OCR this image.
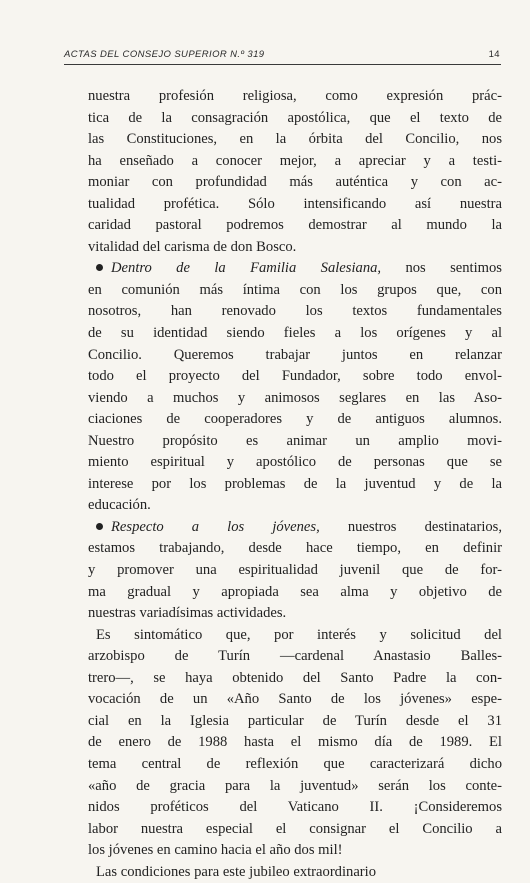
ACTAS DEL CONSEJO SUPERIOR N.º 319	14
nuestra profesión religiosa, como expresión prác-
tica de la consagración apostólica, que el texto de
las Constituciones, en la órbita del Concilio, nos
ha enseñado a conocer mejor, a apreciar y a testi-
moniar con profundidad más auténtica y con ac-
tualidad profética. Sólo intensificando así nuestra
caridad pastoral podremos demostrar al mundo la
vitalidad del carisma de don Bosco.
Dentro de la Familia Salesiana, nos sentimos
en comunión más íntima con los grupos que, con
nosotros, han renovado los textos fundamentales
de su identidad siendo fieles a los orígenes y al
Concilio. Queremos trabajar juntos en relanzar
todo el proyecto del Fundador, sobre todo envol-
viendo a muchos y animosos seglares en las Aso-
ciaciones de cooperadores y de antiguos alumnos.
Nuestro propósito es animar un amplio movi-
miento espiritual y apostólico de personas que se
interese por los problemas de la juventud y de la
educación.
Respecto a los jóvenes, nuestros destinatarios,
estamos trabajando, desde hace tiempo, en definir
y promover una espiritualidad juvenil que de for-
ma gradual y apropiada sea alma y objetivo de
nuestras variadísimas actividades.
Es sintomático que, por interés y solicitud del
arzobispo de Turín —cardenal Anastasio Balles-
trero—, se haya obtenido del Santo Padre la con-
vocación de un «Año Santo de los jóvenes» espe-
cial en la Iglesia particular de Turín desde el 31
de enero de 1988 hasta el mismo día de 1989. El
tema central de reflexión que caracterizará dicho
«año de gracia para la juventud» serán los conte-
nidos proféticos del Vaticano II. ¡Consideremos
labor nuestra especial el consignar el Concilio a
los jóvenes en camino hacia el año dos mil!
Las condiciones para este jubileo extraordinario
